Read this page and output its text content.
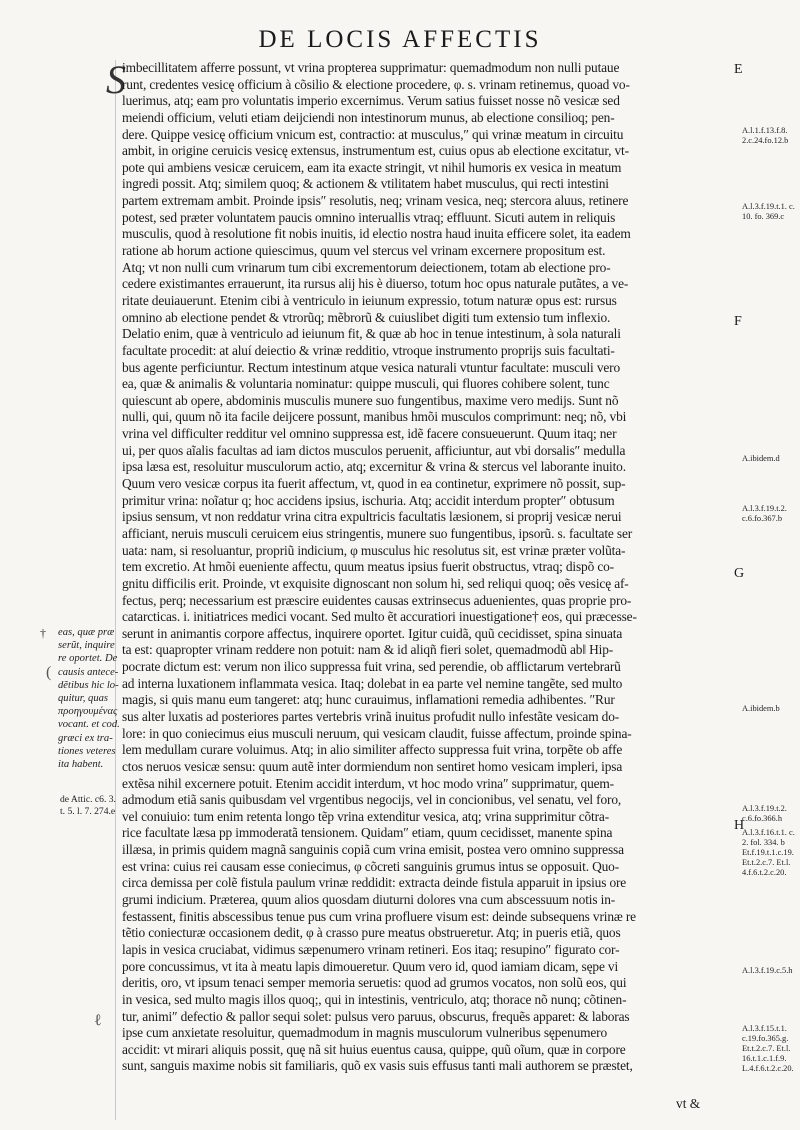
DE LOCIS AFFECTIS
S
imbecillitatem afferre possunt, vt vrina propterea supprimatur: quemadmodum non nulli putaue
runt, credentes vesicę officium à cõsilio & electione procedere, φ. s. vrinam retinemus, quoad vo-
luerimus, atq; eam pro voluntatis imperio excernimus. Verum satius fuisset nosse nõ vesicæ sed
meiendi officium, veluti etiam deijciendi non intestinorum munus, ab electione consilioq; pen-
dere. Quippe vesicę officium vnicum est, contractio: at musculus,″ qui vrinæ meatum in circuitu
ambit, in origine ceruicis vesicę extensus, instrumentum est, cuius opus ab electione excitatur, vt-
pote qui ambiens vesicæ ceruicem, eam ita exacte stringit, vt nihil humoris ex vesica in meatum
ingredi possit. Atq; similem quoq; & actionem & vtilitatem habet musculus, qui recti intestini
partem extremam ambit. Proinde ipsis″ resolutis, neq; vrinam vesica, neq; stercora aluus, retinere
potest, sed præter voluntatem paucis omnino interuallis vtraq; effluunt. Sicuti autem in reliquis
musculis, quod à resolutione fit nobis inuitis, id electio nostra haud inuita efficere solet, ita eadem
ratione ab horum actione quiescimus, quum vel stercus vel vrinam excernere propositum est.
Atq; vt non nulli cum vrinarum tum cibi excrementorum deiectionem, totam ab electione pro-
cedere existimantes errauerunt, ita rursus alij his è diuerso, totum hoc opus naturale putãtes, a ve-
ritate deuiauerunt. Etenim cibi à ventriculo in ieiunum expressio, totum naturæ opus est: rursus
omnino ab electione pendet & vtrorũq; mẽbrorũ & cuiuslibet digiti tum extensio tum inflexio.
Delatio enim, quæ à ventriculo ad ieiunum fit, & quæ ab hoc in tenue intestinum, à sola naturali
facultate procedit: at aluí deiectio & vrinæ redditio, vtroque instrumento proprijs suis facultati-
bus agente perficiuntur. Rectum intestinum atque vesica naturali vtuntur facultate: musculi vero
ea, quæ & animalis & voluntaria nominatur: quippe musculi, qui fluores cohibere solent, tunc
quiescunt ab opere, abdominis musculis munere suo fungentibus, maxime vero medijs. Sunt nõ
nulli, qui, quum nõ ita facile deijcere possunt, manibus hmõi musculos comprimunt: neq; nõ, vbi
vrina vel difficulter redditur vel omnino suppressa est, idẽ facere consueuerunt. Quum itaq; ner
ui, per quos aĩalis facultas ad iam dictos musculos peruenit, afficiuntur, aut vbi dorsalis″ medulla
ipsa læsa est, resoluitur musculorum actio, atq; excernitur & vrina & stercus vel laborante inuito.
Quum vero vesicæ corpus ita fuerit affectum, vt, quod in ea continetur, exprimere nõ possit, sup-
primitur vrina: noĩatur q; hoc accidens ipsius, ischuria. Atq; accidit interdum propter″ obtusum
ipsius sensum, vt non reddatur vrina citra expultricis facultatis læsionem, si proprij vesicæ nerui
afficiant, neruis musculi ceruicem eius stringentis, munere suo fungentibus, ipsorũ. s. facultate ser
uata: nam, si resoluantur, propriũ indicium, φ musculus hic resolutus sit, est vrinæ præter volũta-
tem excretio. At hmõi eueniente affectu, quum meatus ipsius fuerit obstructus, vtraq; dispõ co-
gnitu difficilis erit. Proinde, vt exquisite dignoscant non solum hi, sed reliqui quoq; oẽs vesicę af-
fectus, perq; necessarium est præscire euidentes causas extrinsecus aduenientes, quas proprie pro-
catarcticas. i. initiatrices medici vocant. Sed multo ẽt accuratiori inuestigatione† eos, qui præcesse-
serunt in animantis corpore affectus, inquirere oportet. Igitur cuidã, quũ cecidisset, spina sinuata
ta est: quapropter vrinam reddere non potuit: nam & id aliqñ fieri solet, quemadmodũ ab‖ Hip-
pocrate dictum est: verum non ilico suppressa fuit vrina, sed perendie, ob afflictarum vertebrarũ
ad interna luxationem inflammata vesica. Itaq; dolebat in ea parte vel nemine tangẽte, sed multo
magis, si quis manu eum tangeret: atq; hunc curauimus, inflamationi remedia adhibentes. ″Rur
sus alter luxatis ad posteriores partes vertebris vrinã inuitus profudit nullo infestãte vesicam do-
lore: in quo coniecimus eius musculi neruum, qui vesicam claudit, fuisse affectum, proinde spina-
lem medullam curare voluimus. Atq; in alio similiter affecto suppressa fuit vrina, torpẽte ob affe
ctos neruos vesicæ sensu: quum autẽ inter dormiendum non sentiret homo vesicam impleri, ipsa
extẽsa nihil excernere potuit. Etenim accidit interdum, vt hoc modo vrina″ supprimatur, quem-
admodum etiã sanis quibusdam vel vrgentibus negocijs, vel in concionibus, vel senatu, vel foro,
vel conuiuio: tum enim retenta longo tẽp vrina extenditur vesica, atq; vrina supprimitur cõtra-
rice facultate læsa pp immoderatã tensionem. Quidam″ etiam, quum cecidisset, manente spina
illæsa, in primis quidem magnã sanguinis copiã cum vrina emisit, postea vero omnino suppressa
est vrina: cuius rei causam esse coniecimus, φ cõcreti sanguinis grumus intus se opposuit. Quo-
circa demissa per colẽ fistula paulum vrinæ reddidit: extracta deinde fistula apparuit in ipsius ore
grumi indicium. Præterea, quum alios quosdam diuturni dolores vna cum abscessuum notis in-
festassent, finitis abscessibus tenue pus cum vrina profluere visum est: deinde subsequens vrinæ re
tẽtio coniecturæ occasionem dedit, φ à crasso pure meatus obstrueretur. Atq; in pueris etiã, quos
lapis in vesica cruciabat, vidimus sæpenumero vrinam retineri. Eos itaq; resupino″ figurato cor-
pore concussimus, vt ita à meatu lapis dimoueretur. Quum vero id, quod iamiam dicam, sępe vi
deritis, oro, vt ipsum tenaci semper memoria seruetis: quod ad grumos vocatos, non solũ eos, qui
in vesica, sed multo magis illos quoq;, qui in intestinis, ventriculo, atq; thorace nõ nunq; cõtinen-
tur, animi″ defectio & pallor sequi solet: pulsus vero paruus, obscurus, frequẽs apparet: & laboras
ipse cum anxietate resoluitur, quemadmodum in magnis musculorum vulneribus sępenumero
accidit: vt mirari aliquis possit, quę nã sit huius euentus causa, quippe, quũ oĩum, quæ in corpore
sunt, sanguis maxime nobis sit familiaris, quõ ex vasis suis effusus tanti mali authorem se præstet,
E
F
G
H
A.l.1.f.13.f.8. 2.c.24.fo.12.b
A.l.3.f.19.t.1. c. 10. fo. 369.c
A.ibidem.d
A.l.3.f.19.t.2. c.6.fo.367.b
A.ibidem.b
A.l.3.f.19.t.2. c.6.fo.366.h
A.l.3.f.16.t.1. c. 2. fol. 334. b Et.f.19.t.1.c.19. Et.t.2.c.7. Et.l. 4.f.6.t.2.c.20.
A.l.3.f.19.c.5.h
A.l.3.f.15.t.1. c.19.fo.365.g. Et.t.2.c.7. Et.l. 16.t.1.c.1.f.9. L.4.f.6.t.2.c.20.
† eas, quæ præ
serũt, inquire
re oportet. De
causis antece-
dẽtibus hic lo-
quitur, quas
προηγουμένας
vocant. et cod.
græci ex tra-
tiones veteres
ita habent.
de Attic. c6. 3. t. 5. l. 7. 274.e
(
ℓ
vt &
